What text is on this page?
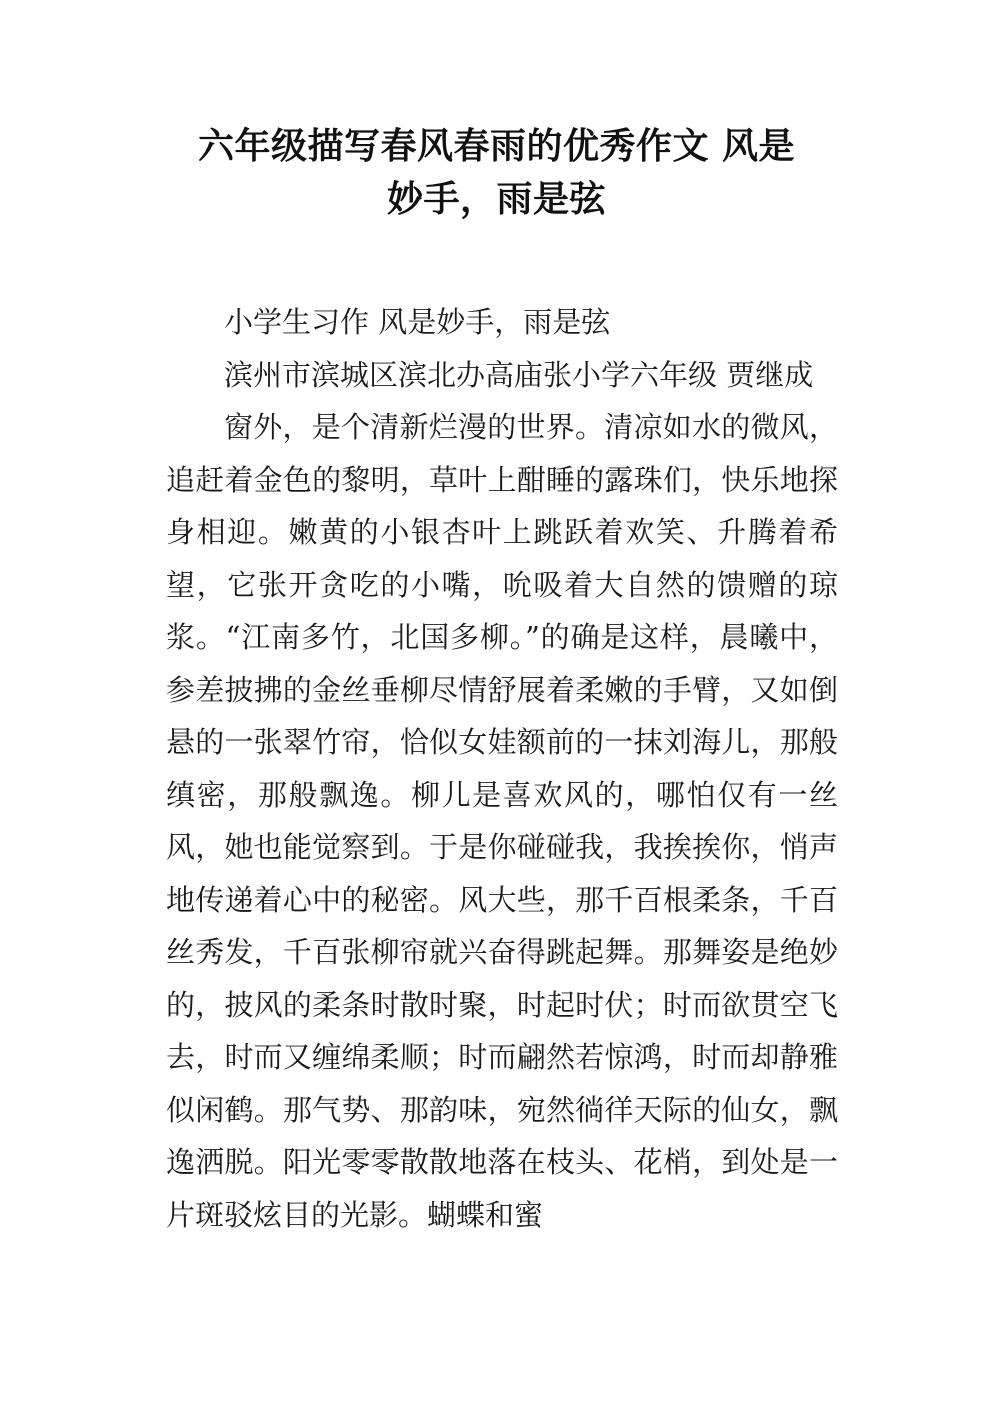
六年级描写春风春雨的优秀作文 风是
妙手，雨是弦

小学生习作 风是妙手，雨是弦

滨州市滨城区滨北办高庙张小学六年级 贾继成

窗外，是个清新烂漫的世界。清凉如水的微风，追赶着金色的黎明，草叶上酣睡的露珠们，快乐地探身相迎。嫩黄的小银杏叶上跳跃着欢笑、升腾着希望，它张开贪吃的小嘴，吮吸着大自然的馈赠的琼浆。“江南多竹，北国多柳。”的确是这样，晨曦中，参差披拂的金丝垂柳尽情舒展着柔嫩的手臂，又如倒悬的一张翠竹帘，恰似女娃额前的一抹刘海儿，那般缜密，那般飘逸。柳儿是喜欢风的，哪怕仅有一丝风，她也能觉察到。于是你碰碰我，我挨挨你，悄声地传递着心中的秘密。风大些，那千百根柔条，千百丝秀发，千百张柳帘就兴奋得跳起舞。那舞姿是绝妙的，披风的柔条时散时聚，时起时伏；时而欲贯空飞去，时而又缠绵柔顺；时而翩然若惊鸿，时而却静雅似闲鹤。那气势、那韵味，宛然徜徉天际的仙女，飘逸洒脱。阳光零零散散地落在枝头、花梢，到处是一片斑驳炫目的光影。蝴蝶和蜜
